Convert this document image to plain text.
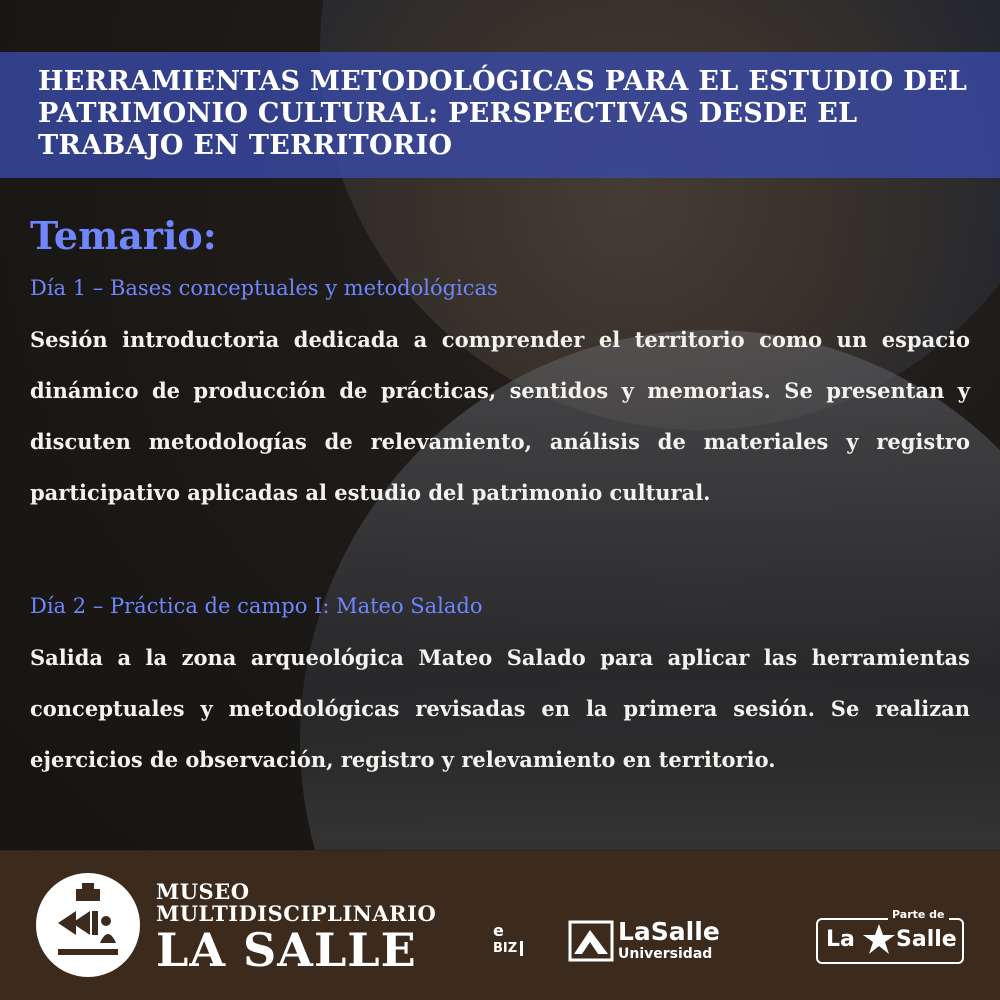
HERRAMIENTAS METODOLÓGICAS PARA EL ESTUDIO DEL PATRIMONIO CULTURAL: PERSPECTIVAS DESDE EL TRABAJO EN TERRITORIO
Temario:
Día 1 – Bases conceptuales y metodológicas

Sesión introductoria dedicada a comprender el territorio como un espacio dinámico de producción de prácticas, sentidos y memorias. Se presentan y discuten metodologías de relevamiento, análisis de materiales y registro participativo aplicadas al estudio del patrimonio cultural.

Día 2 – Práctica de campo I: Mateo Salado

Salida a la zona arqueológica Mateo Salado para aplicar las herramientas conceptuales y metodológicas revisadas en la primera sesión. Se realizan ejercicios de observación, registro y relevamiento en territorio.

MUSEO
MULTIDISCIPLINARIO
LA SALLE	e
BIZ
LaSalle
Universidad
Parte de
La Salle
